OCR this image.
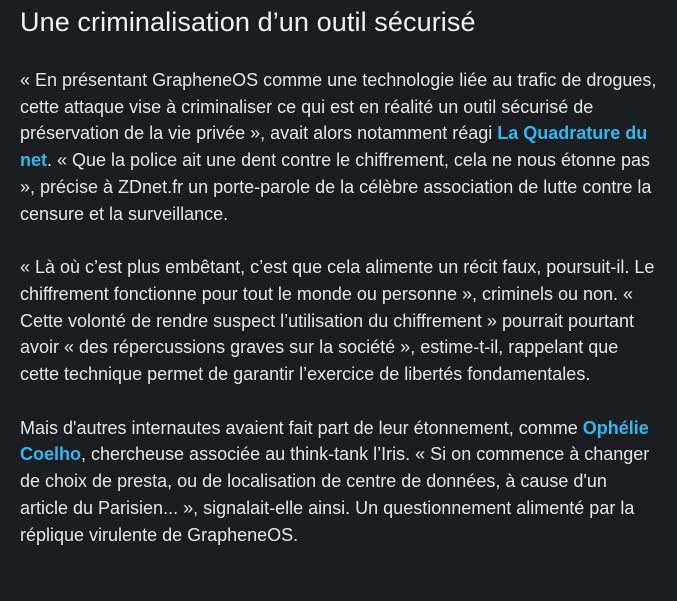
Une criminalisation d’un outil sécurisé

« En présentant GrapheneOS comme une technologie liée au trafic de drogues, cette attaque vise à criminaliser ce qui est en réalité un outil sécurisé de préservation de la vie privée », avait alors notamment réagi La Quadrature du net. « Que la police ait une dent contre le chiffrement, cela ne nous étonne pas », précise à ZDnet.fr un porte-parole de la célèbre association de lutte contre la censure et la surveillance.

« Là où c’est plus embêtant, c’est que cela alimente un récit faux, poursuit-il. Le chiffrement fonctionne pour tout le monde ou personne », criminels ou non. « Cette volonté de rendre suspect l’utilisation du chiffrement » pourrait pourtant avoir « des répercussions graves sur la société », estime-t-il, rappelant que cette technique permet de garantir l’exercice de libertés fondamentales.

Mais d'autres internautes avaient fait part de leur étonnement, comme Ophélie Coelho, chercheuse associée au think-tank l’Iris. « Si on commence à changer de choix de presta, ou de localisation de centre de données, à cause d'un article du Parisien... », signalait-elle ainsi. Un questionnement alimenté par la réplique virulente de GrapheneOS.
